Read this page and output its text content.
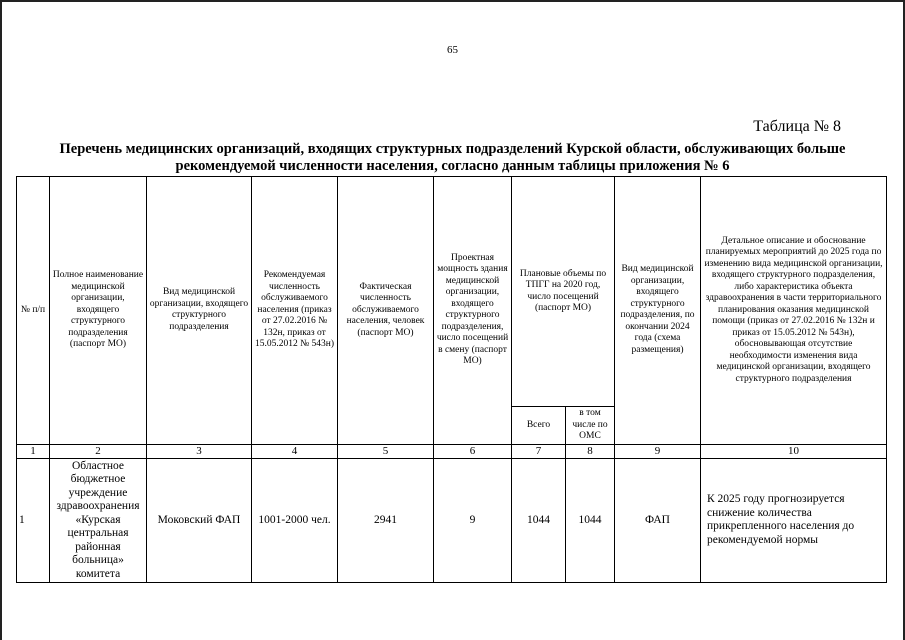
65
Таблица № 8
Перечень медицинских организаций, входящих структурных подразделений Курской области, обслуживающих больше рекомендуемой численности населения, согласно данным таблицы приложения № 6
№ п/п	Полное наименование медицинской организации, входящего структурного подразделения (паспорт МО)	Вид медицинской организации, входящего структурного подразделения	Рекомендуемая численность обслуживаемого населения (приказ от 27.02.2016 № 132н, приказ от 15.05.2012 № 543н)	Фактическая численность обслуживаемого населения, человек (паспорт МО)	Проектная мощность здания медицинской организации, входящего структурного подразделения, число посещений в смену (паспорт МО)	Плановые объемы по ТПГГ на 2020 год, число посещений (паспорт МО)		Вид медицинской организации, входящего структурного подразделения, по окончании 2024 года (схема размещения)	Детальное описание и обоснование планируемых мероприятий до 2025 года по изменению вида медицинской организации, входящего структурного подразделения, либо характеристика объекта здравоохранения в части территориального планирования оказания медицинской помощи (приказ от 27.02.2016 № 132н и приказ от 15.05.2012 № 543н), обосновывающая отсутствие необходимости изменения вида медицинской организации, входящего структурного подразделения
						Всего	в том числе по ОМС		
1	2	3	4	5	6	7	8	9	10
1	Областное бюджетное учреждение здравоохранения «Курская центральная районная больница» комитета	Моковский ФАП	1001-2000 чел.	2941	9	1044	1044	ФАП	К 2025 году прогнозируется снижение количества прикрепленного населения до рекомендуемой нормы
